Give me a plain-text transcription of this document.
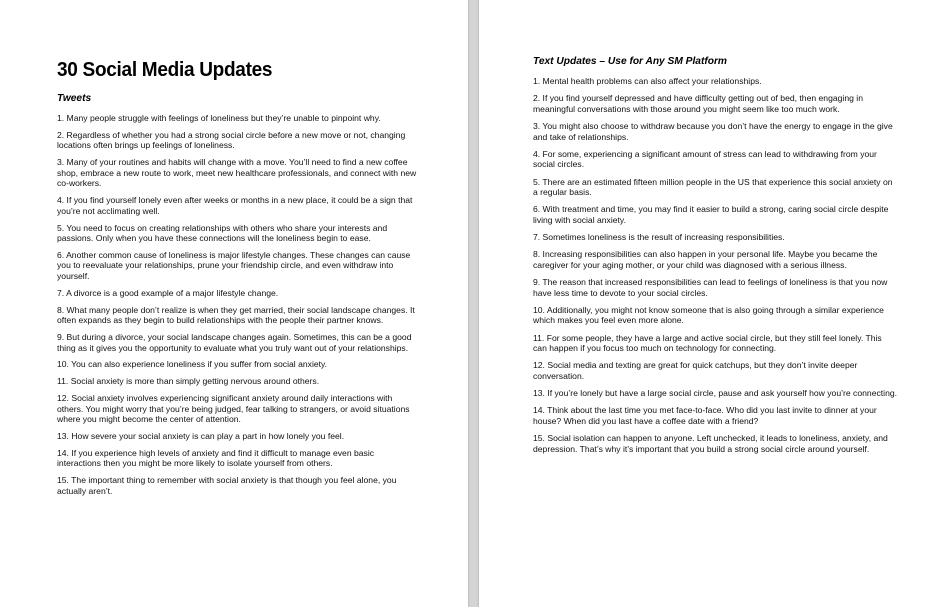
30 Social Media Updates
Tweets
1. Many people struggle with feelings of loneliness but they’re unable to pinpoint why.
2. Regardless of whether you had a strong social circle before a new move or not, changing locations often brings up feelings of loneliness.
3. Many of your routines and habits will change with a move. You’ll need to find a new coffee shop, embrace a new route to work, meet new healthcare professionals, and connect with new co-workers.
4. If you find yourself lonely even after weeks or months in a new place, it could be a sign that you’re not acclimating well.
5. You need to focus on creating relationships with others who share your interests and passions. Only when you have these connections will the loneliness begin to ease.
6. Another common cause of loneliness is major lifestyle changes. These changes can cause you to reevaluate your relationships, prune your friendship circle, and even withdraw into yourself.
7. A divorce is a good example of a major lifestyle change.
8. What many people don’t realize is when they get married, their social landscape changes. It often expands as they begin to build relationships with the people their partner knows.
9. But during a divorce, your social landscape changes again. Sometimes, this can be a good thing as it gives you the opportunity to evaluate what you truly want out of your relationships.
10. You can also experience loneliness if you suffer from social anxiety.
11. Social anxiety is more than simply getting nervous around others.
12. Social anxiety involves experiencing significant anxiety around daily interactions with others. You might worry that you’re being judged, fear talking to strangers, or avoid situations where you might become the center of attention.
13. How severe your social anxiety is can play a part in how lonely you feel.
14. If you experience high levels of anxiety and find it difficult to manage even basic interactions then you might be more likely to isolate yourself from others.
15. The important thing to remember with social anxiety is that though you feel alone, you actually aren’t.
Text Updates – Use for Any SM Platform
1. Mental health problems can also affect your relationships.
2. If you find yourself depressed and have difficulty getting out of bed, then engaging in meaningful conversations with those around you might seem like too much work.
3. You might also choose to withdraw because you don’t have the energy to engage in the give and take of relationships.
4. For some, experiencing a significant amount of stress can lead to withdrawing from your social circles.
5. There are an estimated fifteen million people in the US that experience this social anxiety on a regular basis.
6. With treatment and time, you may find it easier to build a strong, caring social circle despite living with social anxiety.
7. Sometimes loneliness is the result of increasing responsibilities.
8. Increasing responsibilities can also happen in your personal life. Maybe you became the caregiver for your aging mother, or your child was diagnosed with a serious illness.
9. The reason that increased responsibilities can lead to feelings of loneliness is that you now have less time to devote to your social circles.
10. Additionally, you might not know someone that is also going through a similar experience which makes you feel even more alone.
11. For some people, they have a large and active social circle, but they still feel lonely. This can happen if you focus too much on technology for connecting.
12. Social media and texting are great for quick catchups, but they don’t invite deeper conversation.
13. If you’re lonely but have a large social circle, pause and ask yourself how you’re connecting.
14. Think about the last time you met face-to-face. Who did you last invite to dinner at your house? When did you last have a coffee date with a friend?
15. Social isolation can happen to anyone. Left unchecked, it leads to loneliness, anxiety, and depression. That’s why it’s important that you build a strong social circle around yourself.
